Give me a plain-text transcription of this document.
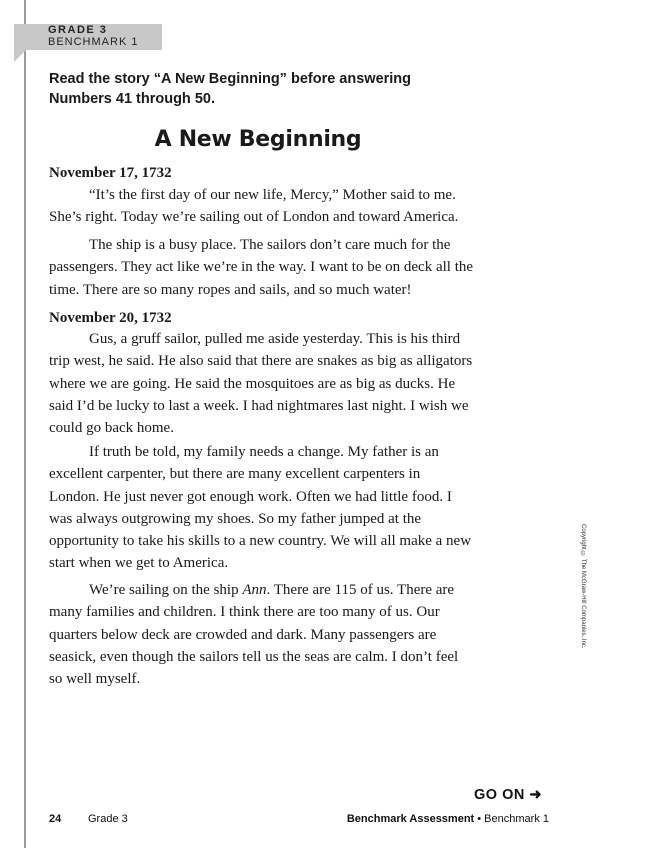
GRADE 3
BENCHMARK 1
Read the story “A New Beginning” before answering
Numbers 41 through 50.
A New Beginning
November 17, 1732

“It’s the first day of our new life, Mercy,” Mother said to me. She’s right. Today we’re sailing out of London and toward America.

The ship is a busy place. The sailors don’t care much for the passengers. They act like we’re in the way. I want to be on deck all the time. There are so many ropes and sails, and so much water!

November 20, 1732

Gus, a gruff sailor, pulled me aside yesterday. This is his third trip west, he said. He also said that there are snakes as big as alligators where we are going. He said the mosquitoes are as big as ducks. He said I’d be lucky to last a week. I had nightmares last night. I wish we could go back home.

If truth be told, my family needs a change. My father is an excellent carpenter, but there are many excellent carpenters in London. He just never got enough work. Often we had little food. I was always outgrowing my shoes. So my father jumped at the opportunity to take his skills to a new country. We will all make a new start when we get to America.

We’re sailing on the ship Ann. There are 115 of us. There are many families and children. I think there are too many of us. Our quarters below deck are crowded and dark. Many passengers are seasick, even though the sailors tell us the seas are calm. I don’t feel so well myself.

Copyright © The McGraw-Hill Companies, Inc.
GO ON ➜
24 Grade 3	Benchmark Assessment • Benchmark 1
